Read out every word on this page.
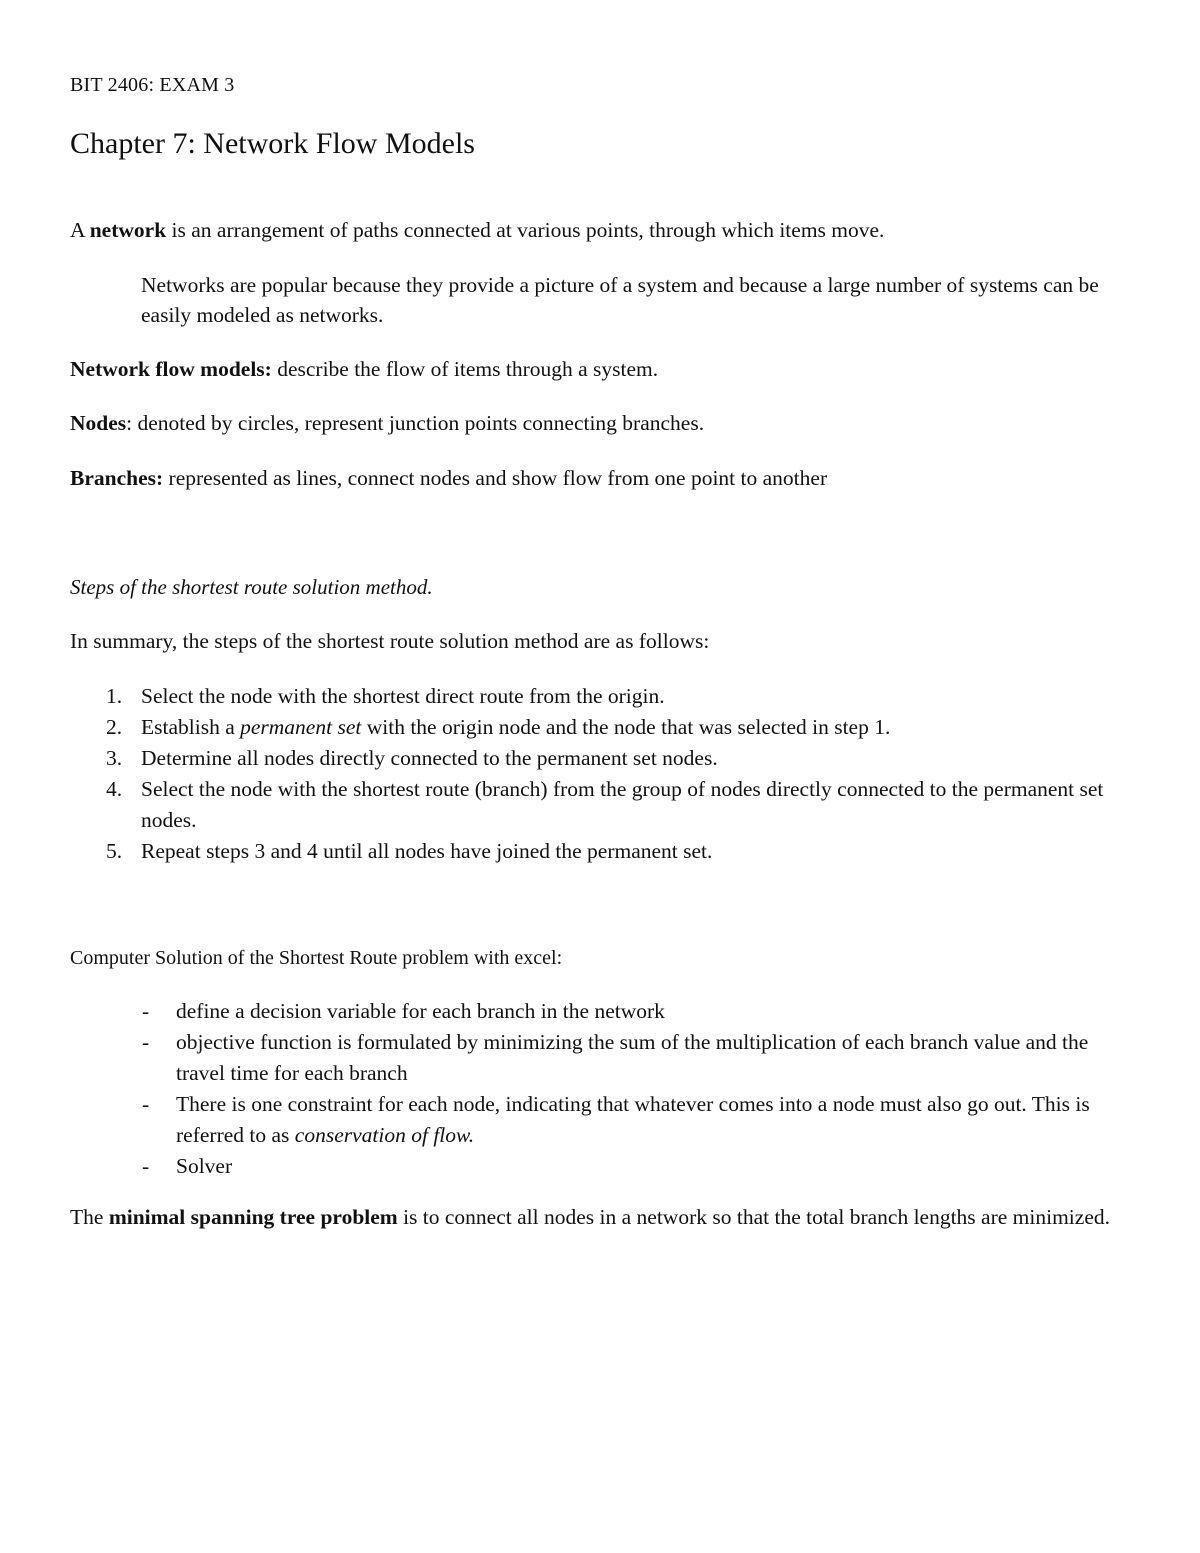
BIT 2406: EXAM 3
Chapter 7: Network Flow Models

A network is an arrangement of paths connected at various points, through which items move.

Networks are popular because they provide a picture of a system and because a large number of systems can be easily modeled as networks.

Network flow models: describe the flow of items through a system.

Nodes: denoted by circles, represent junction points connecting branches.

Branches: represented as lines, connect nodes and show flow from one point to another

Steps of the shortest route solution method.

In summary, the steps of the shortest route solution method are as follows:

1. Select the node with the shortest direct route from the origin.
2. Establish a permanent set with the origin node and the node that was selected in step 1.
3. Determine all nodes directly connected to the permanent set nodes.
4. Select the node with the shortest route (branch) from the group of nodes directly connected to the permanent set nodes.
5. Repeat steps 3 and 4 until all nodes have joined the permanent set.

Computer Solution of the Shortest Route problem with excel:

- define a decision variable for each branch in the network
- objective function is formulated by minimizing the sum of the multiplication of each branch value and the travel time for each branch
- There is one constraint for each node, indicating that whatever comes into a node must also go out. This is referred to as conservation of flow.
- Solver

The minimal spanning tree problem is to connect all nodes in a network so that the total branch lengths are minimized.
